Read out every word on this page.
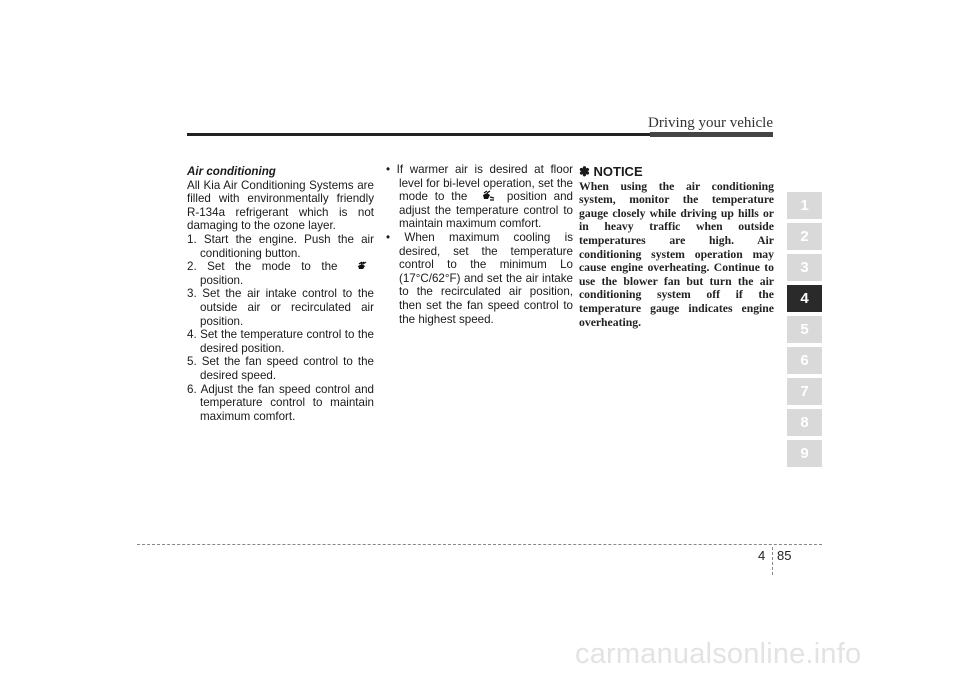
Driving your vehicle
Air conditioning
All Kia Air Conditioning Systems are filled with environmentally friendly R-134a refrigerant which is not damaging to the ozone layer.
1. Start the engine. Push the air conditioning button.
2. Set the mode to the  position.
3. Set the air intake control to the outside air or recirculated air position.
4. Set the temperature control to the desired position.
5. Set the fan speed control to the desired speed.
6. Adjust the fan speed control and temperature control to maintain maximum comfort.
• If warmer air is desired at floor level for bi-level operation, set the mode to the  position and adjust the temperature control to maintain maximum comfort.
• When maximum cooling is desired, set the temperature control to the minimum Lo (17°C/62°F) and set the air intake to the recirculated air position, then set the fan speed control to the highest speed.
✽ NOTICE
When using the air conditioning system, monitor the temperature gauge closely while driving up hills or in heavy traffic when outside temperatures are high. Air conditioning system operation may cause engine overheating. Continue to use the blower fan but turn the air conditioning system off if the temperature gauge indicates engine overheating.
1
2
3
4
5
6
7
8
9
4 85
carmanualsonline.info
